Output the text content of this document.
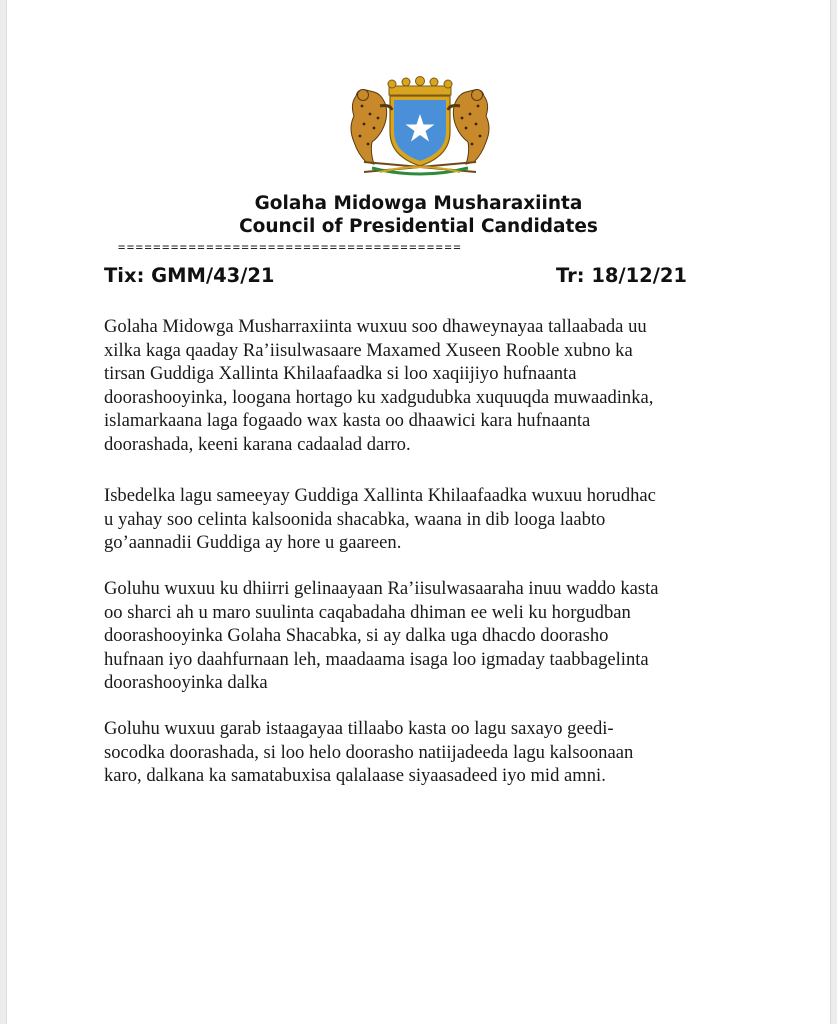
Golaha Midowga Musharaxiinta
Council of Presidential Candidates
=======================================
Tix: GMM/43/21	Tr: 18/12/21
Golaha Midowga Musharraxiinta wuxuu soo dhaweynayaa tallaabada uu
xilka kaga qaaday Ra’iisulwasaare Maxamed Xuseen Rooble xubno ka
tirsan Guddiga Xallinta Khilaafaadka si loo xaqiijiyo hufnaanta
doorashooyinka, loogana hortago ku xadgudubka xuquuqda muwaadinka,
islamarkaana laga fogaado wax kasta oo dhaawici kara hufnaanta
doorashada, keeni karana cadaalad darro.
Isbedelka lagu sameeyay Guddiga Xallinta Khilaafaadka wuxuu horudhac
u yahay soo celinta kalsoonida shacabka, waana in dib looga laabto
go’aannadii Guddiga ay hore u gaareen.
Goluhu wuxuu ku dhiirri gelinaayaan Ra’iisulwasaaraha inuu waddo kasta
oo sharci ah u maro suulinta caqabadaha dhiman ee weli ku horgudban
doorashooyinka Golaha Shacabka, si ay dalka uga dhacdo doorasho
hufnaan iyo daahfurnaan leh, maadaama isaga loo igmaday taabbagelinta
doorashooyinka dalka
Goluhu wuxuu garab istaagayaa tillaabo kasta oo lagu saxayo geedi-
socodka doorashada, si loo helo doorasho natiijadeeda lagu kalsoonaan
karo, dalkana ka samatabuxisa qalalaase siyaasadeed iyo mid amni.
